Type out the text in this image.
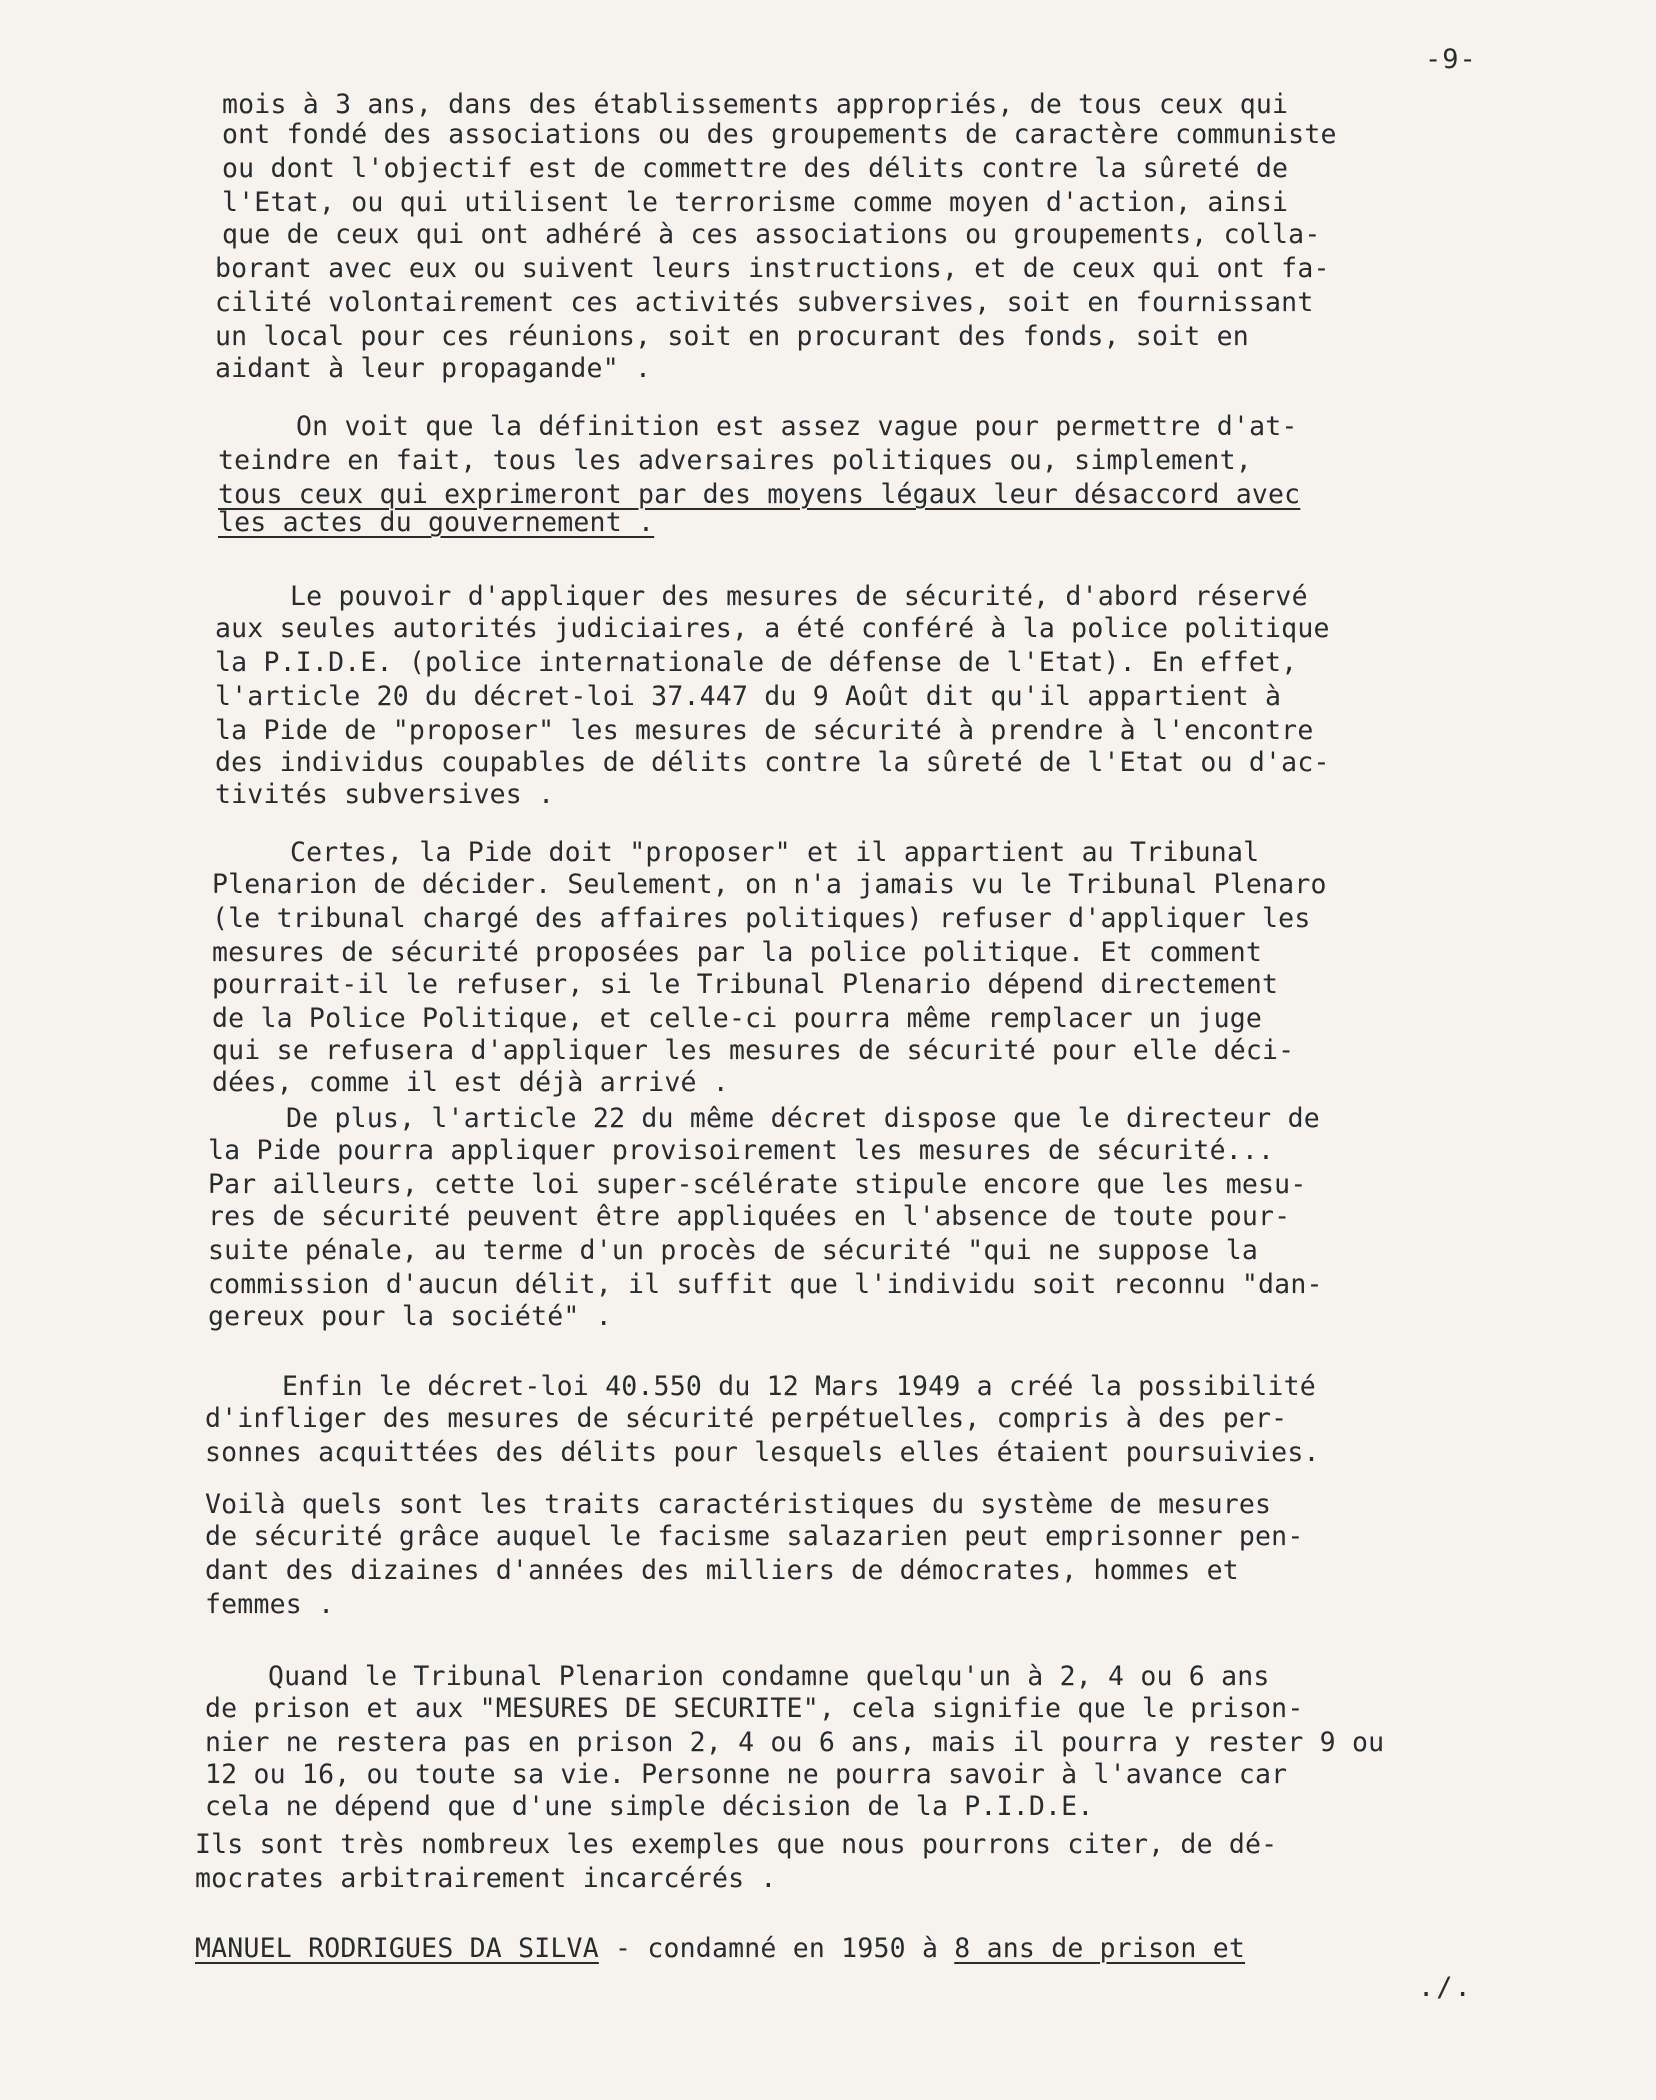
-9-
mois à 3 ans, dans des établissements appropriés, de tous ceux qui
ont fondé des associations ou des groupements de caractère communiste
ou dont l'objectif est de commettre des délits contre la sûreté de
l'Etat, ou qui utilisent le terrorisme comme moyen d'action, ainsi
que de ceux qui ont adhéré à ces associations ou groupements, colla-
borant avec eux ou suivent leurs instructions, et de ceux qui ont fa-
cilité volontairement ces activités subversives, soit en fournissant
un local pour ces réunions, soit en procurant des fonds, soit en
aidant à leur propagande" .
On voit que la définition est assez vague pour permettre d'at-
teindre en fait, tous les adversaires politiques ou, simplement,
tous ceux qui exprimeront par des moyens légaux leur désaccord avec
les actes du gouvernement .
Le pouvoir d'appliquer des mesures de sécurité, d'abord réservé
aux seules autorités judiciaires, a été conféré à la police politique
la P.I.D.E. (police internationale de défense de l'Etat). En effet,
l'article 20 du décret-loi 37.447 du 9 Août dit qu'il appartient à
la Pide de "proposer" les mesures de sécurité à prendre à l'encontre
des individus coupables de délits contre la sûreté de l'Etat ou d'ac-
tivités subversives .
Certes, la Pide doit "proposer" et il appartient au Tribunal
Plenarion de décider. Seulement, on n'a jamais vu le Tribunal Plenaro
(le tribunal chargé des affaires politiques) refuser d'appliquer les
mesures de sécurité proposées par la police politique. Et comment
pourrait-il le refuser, si le Tribunal Plenario dépend directement
de la Police Politique, et celle-ci pourra même remplacer un juge
qui se refusera d'appliquer les mesures de sécurité pour elle déci-
dées, comme il est déjà arrivé .
De plus, l'article 22 du même décret dispose que le directeur de
la Pide pourra appliquer provisoirement les mesures de sécurité...
Par ailleurs, cette loi super-scélérate stipule encore que les mesu-
res de sécurité peuvent être appliquées en l'absence de toute pour-
suite pénale, au terme d'un procès de sécurité "qui ne suppose la
commission d'aucun délit, il suffit que l'individu soit reconnu "dan-
gereux pour la société" .
Enfin le décret-loi 40.550 du 12 Mars 1949 a créé la possibilité
d'infliger des mesures de sécurité perpétuelles, compris à des per-
sonnes acquittées des délits pour lesquels elles étaient poursuivies.
Voilà quels sont les traits caractéristiques du système de mesures
de sécurité grâce auquel le facisme salazarien peut emprisonner pen-
dant des dizaines d'années des milliers de démocrates, hommes et
femmes .
Quand le Tribunal Plenarion condamne quelqu'un à 2, 4 ou 6 ans
de prison et aux "MESURES DE SECURITE", cela signifie que le prison-
nier ne restera pas en prison 2, 4 ou 6 ans, mais il pourra y rester 9 ou
12 ou 16, ou toute sa vie. Personne ne pourra savoir à l'avance car
cela ne dépend que d'une simple décision de la P.I.D.E.
Ils sont très nombreux les exemples que nous pourrons citer, de dé-
mocrates arbitrairement incarcérés .
MANUEL RODRIGUES DA SILVA - condamné en 1950 à 8 ans de prison et
./.
